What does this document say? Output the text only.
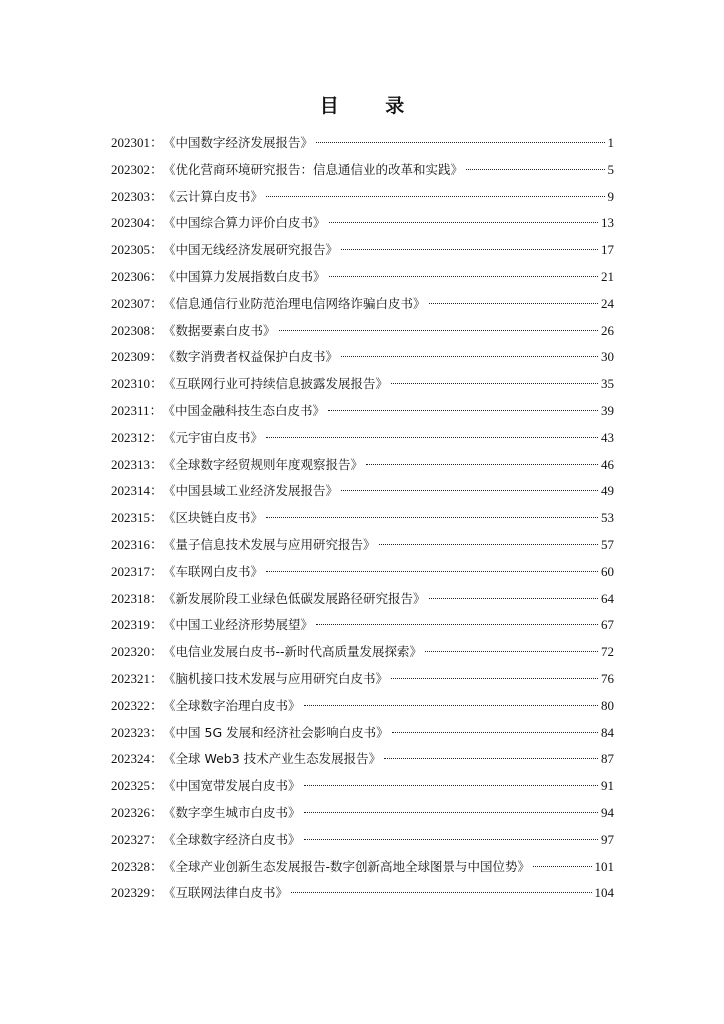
目 录
202301： 《中国数字经济发展报告》	1
202302： 《优化营商环境研究报告：信息通信业的改革和实践》	5
202303： 《云计算白皮书》	9
202304： 《中国综合算力评价白皮书》	13
202305： 《中国无线经济发展研究报告》	17
202306： 《中国算力发展指数白皮书》	21
202307： 《信息通信行业防范治理电信网络诈骗白皮书》	24
202308： 《数据要素白皮书》	26
202309： 《数字消费者权益保护白皮书》	30
202310： 《互联网行业可持续信息披露发展报告》	35
202311： 《中国金融科技生态白皮书》	39
202312： 《元宇宙白皮书》	43
202313： 《全球数字经贸规则年度观察报告》	46
202314： 《中国县域工业经济发展报告》	49
202315： 《区块链白皮书》	53
202316： 《量子信息技术发展与应用研究报告》	57
202317： 《车联网白皮书》	60
202318： 《新发展阶段工业绿色低碳发展路径研究报告》	64
202319： 《中国工业经济形势展望》	67
202320： 《电信业发展白皮书--新时代高质量发展探索》	72
202321： 《脑机接口技术发展与应用研究白皮书》	76
202322： 《全球数字治理白皮书》	80
202323： 《中国 5G 发展和经济社会影响白皮书》	84
202324： 《全球 Web3 技术产业生态发展报告》	87
202325： 《中国宽带发展白皮书》	91
202326： 《数字孪生城市白皮书》	94
202327： 《全球数字经济白皮书》	97
202328： 《全球产业创新生态发展报告-数字创新高地全球图景与中国位势》	101
202329： 《互联网法律白皮书》	104
